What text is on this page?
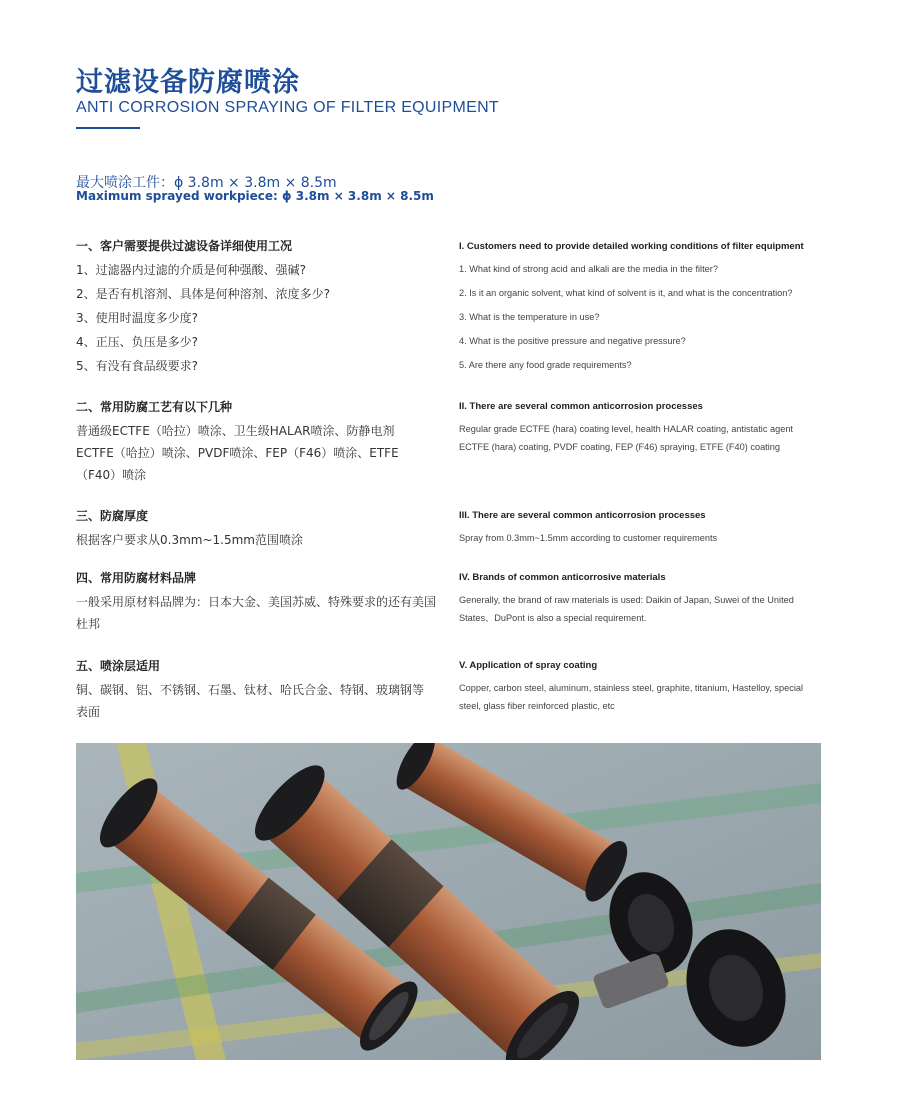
过滤设备防腐喷涂
ANTI CORROSION SPRAYING OF FILTER EQUIPMENT
最大喷涂工件：ϕ 3.8m × 3.8m × 8.5m
Maximum sprayed workpiece: ϕ 3.8m × 3.8m × 8.5m
一、客户需要提供过滤设备详细使用工况
1、过滤器内过滤的介质是何种强酸、强碱?
2、是否有机溶剂、具体是何种溶剂、浓度多少?
3、使用时温度多少度?
4、正压、负压是多少?
5、有没有食品级要求?
I. Customers need to provide detailed working conditions of filter equipment
1. What kind of strong acid and alkali are the media in the filter?
2. Is it an organic solvent, what kind of solvent is it, and what is the concentration?
3. What is the temperature in use?
4. What is the positive pressure and negative pressure?
5. Are there any food grade requirements?
二、常用防腐工艺有以下几种
普通级ECTFE（哈拉）喷涂、卫生级HALAR喷涂、防静电剂
ECTFE（哈拉）喷涂、PVDF喷涂、FEP（F46）喷涂、ETFE
（F40）喷涂
II. There are several common anticorrosion processes
Regular grade ECTFE (hara) coating level, health HALAR coating, antistatic agent
ECTFE (hara) coating, PVDF coating, FEP (F46) spraying, ETFE (F40) coating
三、防腐厚度
根据客户要求从0.3mm~1.5mm范围喷涂
III. There are several common anticorrosion processes
Spray from 0.3mm~1.5mm according to customer requirements
四、常用防腐材料品牌
一般采用原材料品牌为：日本大金、美国苏威、特殊要求的还有美国
杜邦
IV. Brands of common anticorrosive materials
Generally, the brand of raw materials is used: Daikin of Japan, Suwei of the United
States、DuPont is also a special requirement.
五、喷涂层适用
铜、碳钢、铝、不锈钢、石墨、钛材、哈氏合金、特钢、玻璃钢等
表面
V. Application of spray coating
Copper, carbon steel, aluminum, stainless steel, graphite, titanium, Hastelloy, special
steel, glass fiber reinforced plastic, etc
